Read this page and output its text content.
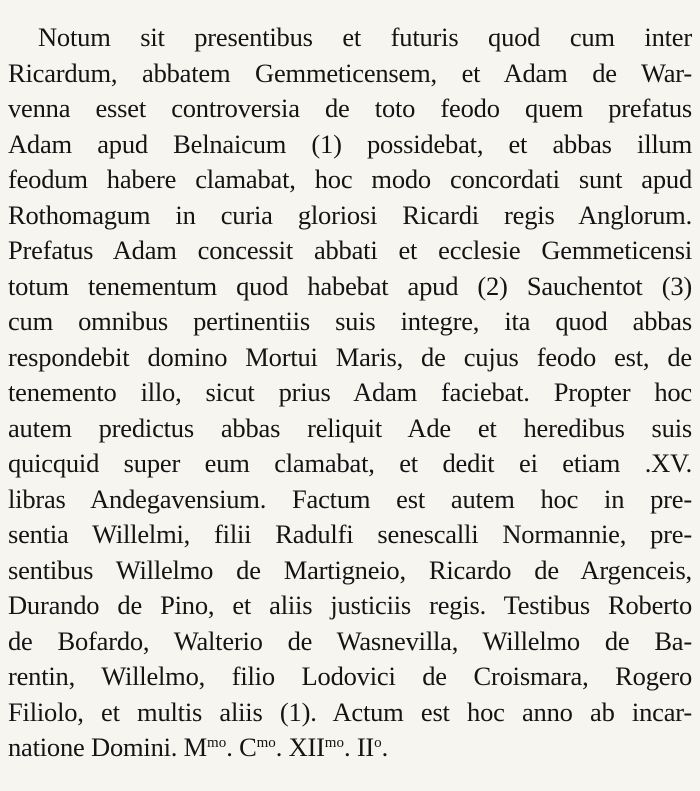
Notum sit presentibus et futuris quod cum inter
Ricardum, abbatem Gemmeticensem, et Adam de War-
venna esset controversia de toto feodo quem prefatus
Adam apud Belnaicum (1) possidebat, et abbas illum
feodum habere clamabat, hoc modo concordati sunt apud
Rothomagum in curia gloriosi Ricardi regis Anglorum.
Prefatus Adam concessit abbati et ecclesie Gemmeticensi
totum tenementum quod habebat apud (2) Sauchentot (3)
cum omnibus pertinentiis suis integre, ita quod abbas
respondebit domino Mortui Maris, de cujus feodo est, de
tenemento illo, sicut prius Adam faciebat. Propter hoc
autem predictus abbas reliquit Ade et heredibus suis
quicquid super eum clamabat, et dedit ei etiam .XV.
libras Andegavensium. Factum est autem hoc in pre-
sentia Willelmi, filii Radulfi senescalli Normannie, pre-
sentibus Willelmo de Martigneio, Ricardo de Argenceis,
Durando de Pino, et aliis justiciis regis. Testibus Roberto
de Bofardo, Walterio de Wasnevilla, Willelmo de Ba-
rentin, Willelmo, filio Lodovici de Croismara, Rogero
Filiolo, et multis aliis (1). Actum est hoc anno ab incar-
natione Domini. $M^{mo}$. $C^{mo}$. $XII^{mo}$. $II^o$.
